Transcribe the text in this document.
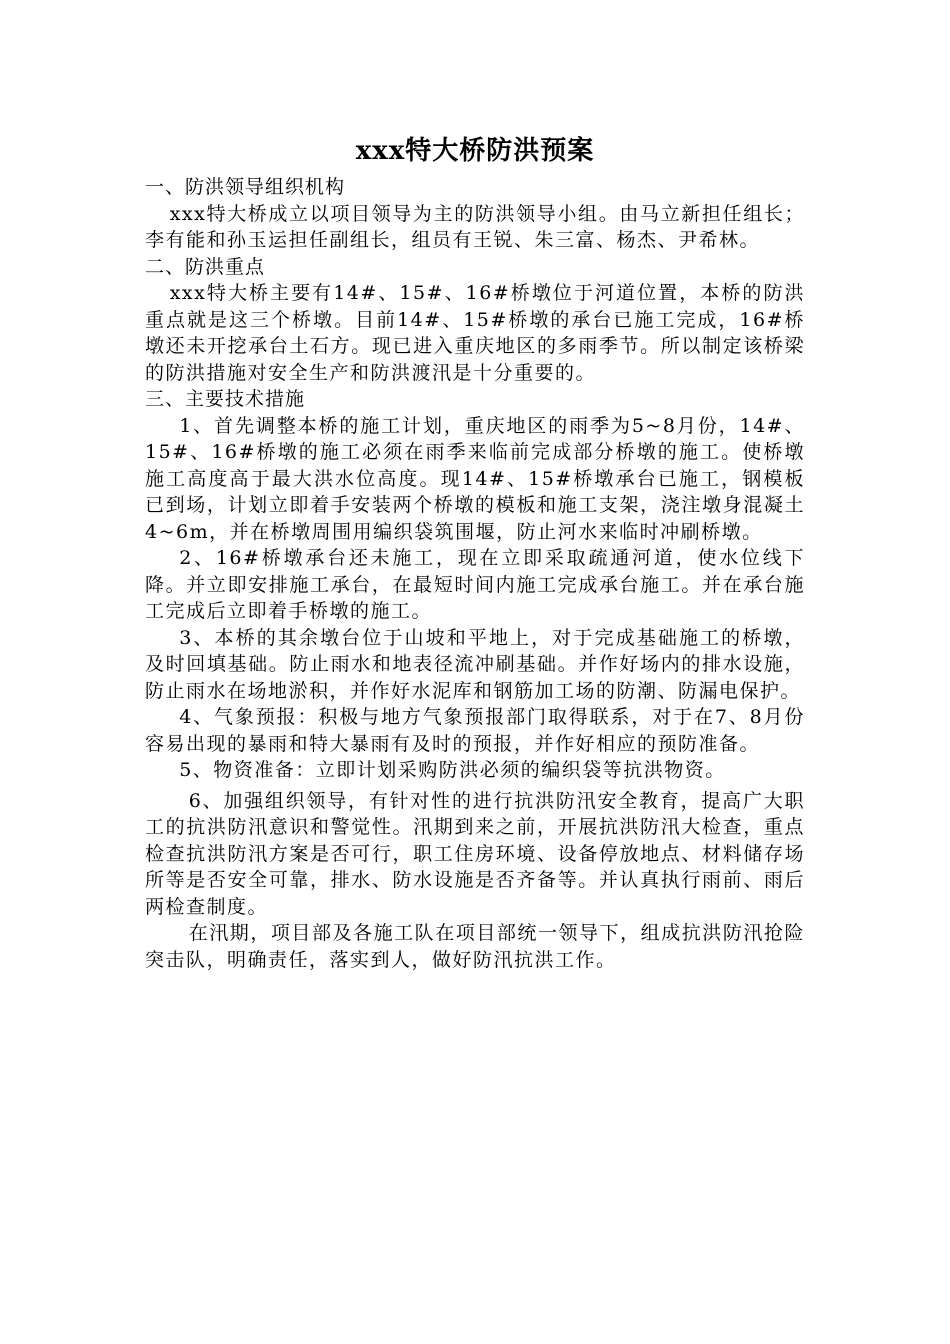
xxx特大桥防洪预案

一、防洪领导组织机构

xxx特大桥成立以项目领导为主的防洪领导小组。由马立新担任组长；李有能和孙玉运担任副组长，组员有王锐、朱三富、杨杰、尹希林。

二、防洪重点

xxx特大桥主要有14#、15#、16#桥墩位于河道位置，本桥的防洪重点就是这三个桥墩。目前14#、15#桥墩的承台已施工完成，16#桥墩还未开挖承台土石方。现已进入重庆地区的多雨季节。所以制定该桥梁的防洪措施对安全生产和防洪渡汛是十分重要的。

三、主要技术措施

1、首先调整本桥的施工计划，重庆地区的雨季为5~8月份，14#、15#、16#桥墩的施工必须在雨季来临前完成部分桥墩的施工。使桥墩施工高度高于最大洪水位高度。现14#、15#桥墩承台已施工，钢模板已到场，计划立即着手安装两个桥墩的模板和施工支架，浇注墩身混凝土4~6m，并在桥墩周围用编织袋筑围堰，防止河水来临时冲刷桥墩。

2、16#桥墩承台还未施工，现在立即采取疏通河道，使水位线下降。并立即安排施工承台，在最短时间内施工完成承台施工。并在承台施工完成后立即着手桥墩的施工。

3、本桥的其余墩台位于山坡和平地上，对于完成基础施工的桥墩，及时回填基础。防止雨水和地表径流冲刷基础。并作好场内的排水设施，防止雨水在场地淤积，并作好水泥库和钢筋加工场的防潮、防漏电保护。

4、气象预报：积极与地方气象预报部门取得联系，对于在7、8月份容易出现的暴雨和特大暴雨有及时的预报，并作好相应的预防准备。

5、物资准备：立即计划采购防洪必须的编织袋等抗洪物资。

6、加强组织领导，有针对性的进行抗洪防汛安全教育，提高广大职工的抗洪防汛意识和警觉性。汛期到来之前，开展抗洪防汛大检查，重点检查抗洪防汛方案是否可行，职工住房环境、设备停放地点、材料储存场所等是否安全可靠，排水、防水设施是否齐备等。并认真执行雨前、雨后两检查制度。

在汛期，项目部及各施工队在项目部统一领导下，组成抗洪防汛抢险突击队，明确责任，落实到人，做好防汛抗洪工作。
